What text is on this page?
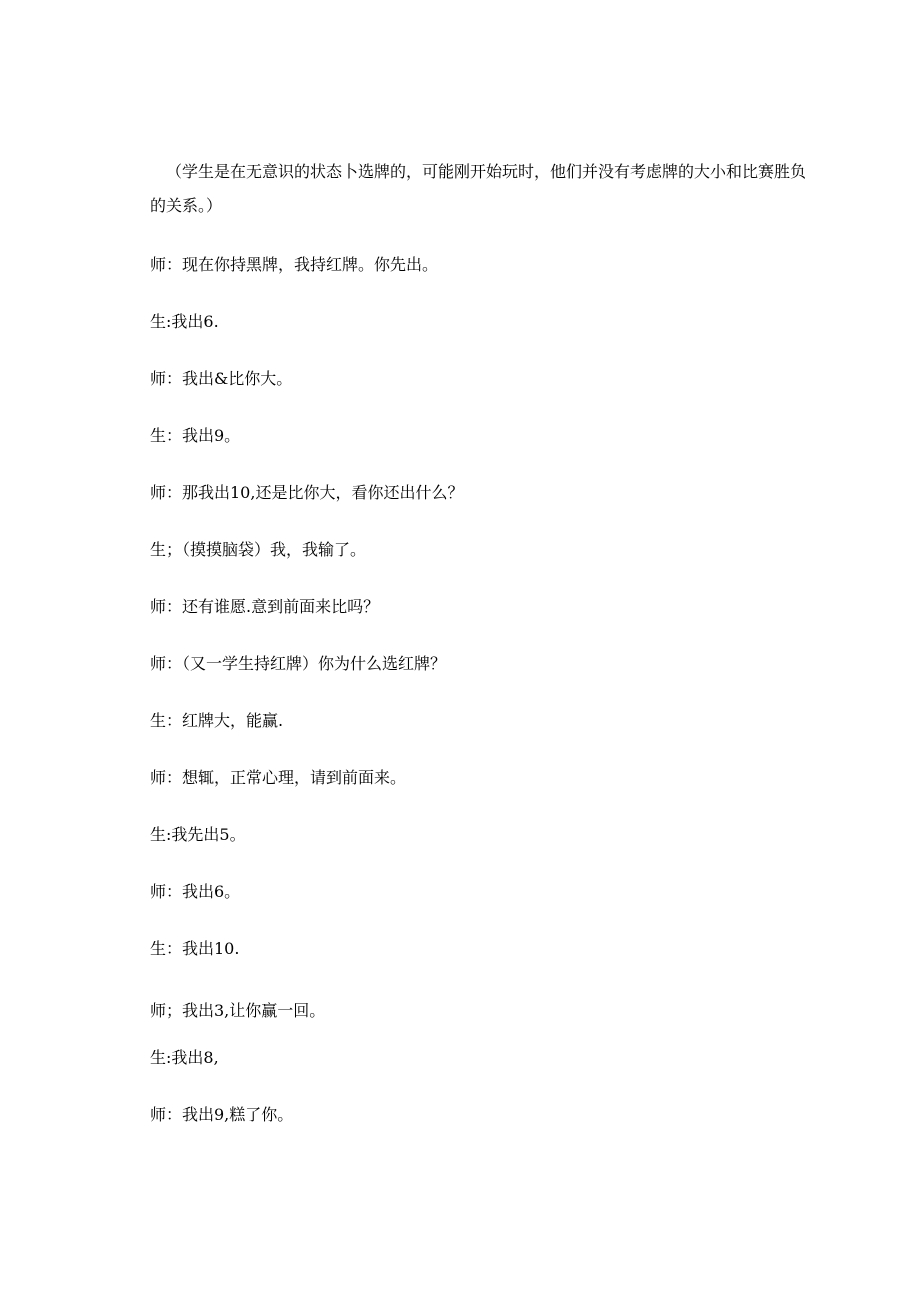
（学生是在无意识的状态卜选牌的，可能刚开始玩时，他们并没有考虑牌的大小和比赛胜负的关系。）
师：现在你持黑牌，我持红牌。你先出。
生:我出6.
师：我出&比你大。
生：我出9。
师：那我出10,还是比你大，看你还出什么？
生；（摸摸脑袋）我，我输了。
师：还有谁愿.意到前面来比吗？
师：（又一学生持红牌）你为什么选红牌？
生：红牌大，能赢.
师：想辄，正常心理，请到前面来。
生:我先出5。
师：我出6。
生：我出10.
师；我出3,让你赢一回。
生:我出8,
师：我出9,糕了你。
